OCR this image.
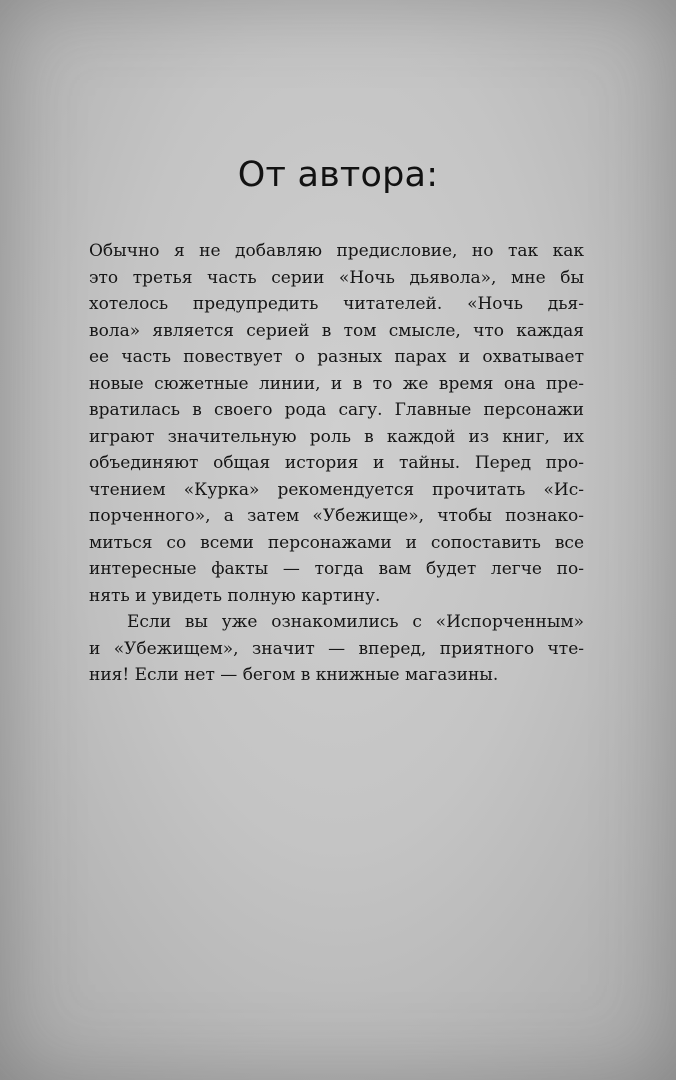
От автора:
Обычно я не добавляю предисловие, но так как
это третья часть серии «Ночь дьявола», мне бы
хотелось предупредить читателей. «Ночь дья-
вола» является серией в том смысле, что каждая
ее часть повествует о разных парах и охватывает
новые сюжетные линии, и в то же время она пре-
вратилась в своего рода сагу. Главные персонажи
играют значительную роль в каждой из книг, их
объединяют общая история и тайны. Перед про-
чтением «Курка» рекомендуется прочитать «Ис-
порченного», а затем «Убежище», чтобы познако-
миться со всеми персонажами и сопоставить все
интересные факты — тогда вам будет легче по-
нять и увидеть полную картину.
Если вы уже ознакомились с «Испорченным»
и «Убежищем», значит — вперед, приятного чте-
ния! Если нет — бегом в книжные магазины.
